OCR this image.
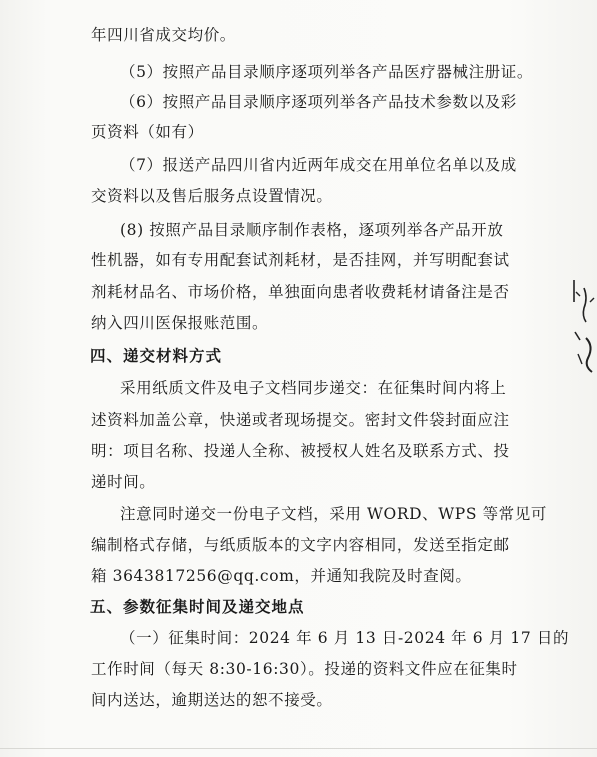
年四川省成交均价。
（5）按照产品目录顺序逐项列举各产品医疗器械注册证。
（6）按照产品目录顺序逐项列举各产品技术参数以及彩
页资料（如有）
（7）报送产品四川省内近两年成交在用单位名单以及成
交资料以及售后服务点设置情况。
(8) 按照产品目录顺序制作表格，逐项列举各产品开放
性机器，如有专用配套试剂耗材，是否挂网，并写明配套试
剂耗材品名、市场价格，单独面向患者收费耗材请备注是否
纳入四川医保报账范围。
四、递交材料方式
采用纸质文件及电子文档同步递交：在征集时间内将上
述资料加盖公章，快递或者现场提交。密封文件袋封面应注
明：项目名称、投递人全称、被授权人姓名及联系方式、投
递时间。
注意同时递交一份电子文档，采用 WORD、WPS 等常见可
编制格式存储，与纸质版本的文字内容相同，发送至指定邮
箱 3643817256@qq.com，并通知我院及时查阅。
五、参数征集时间及递交地点
（一）征集时间：2024 年 6 月 13 日-2024 年 6 月 17 日的
工作时间（每天 8:30-16:30）。投递的资料文件应在征集时
间内送达，逾期送达的恕不接受。
